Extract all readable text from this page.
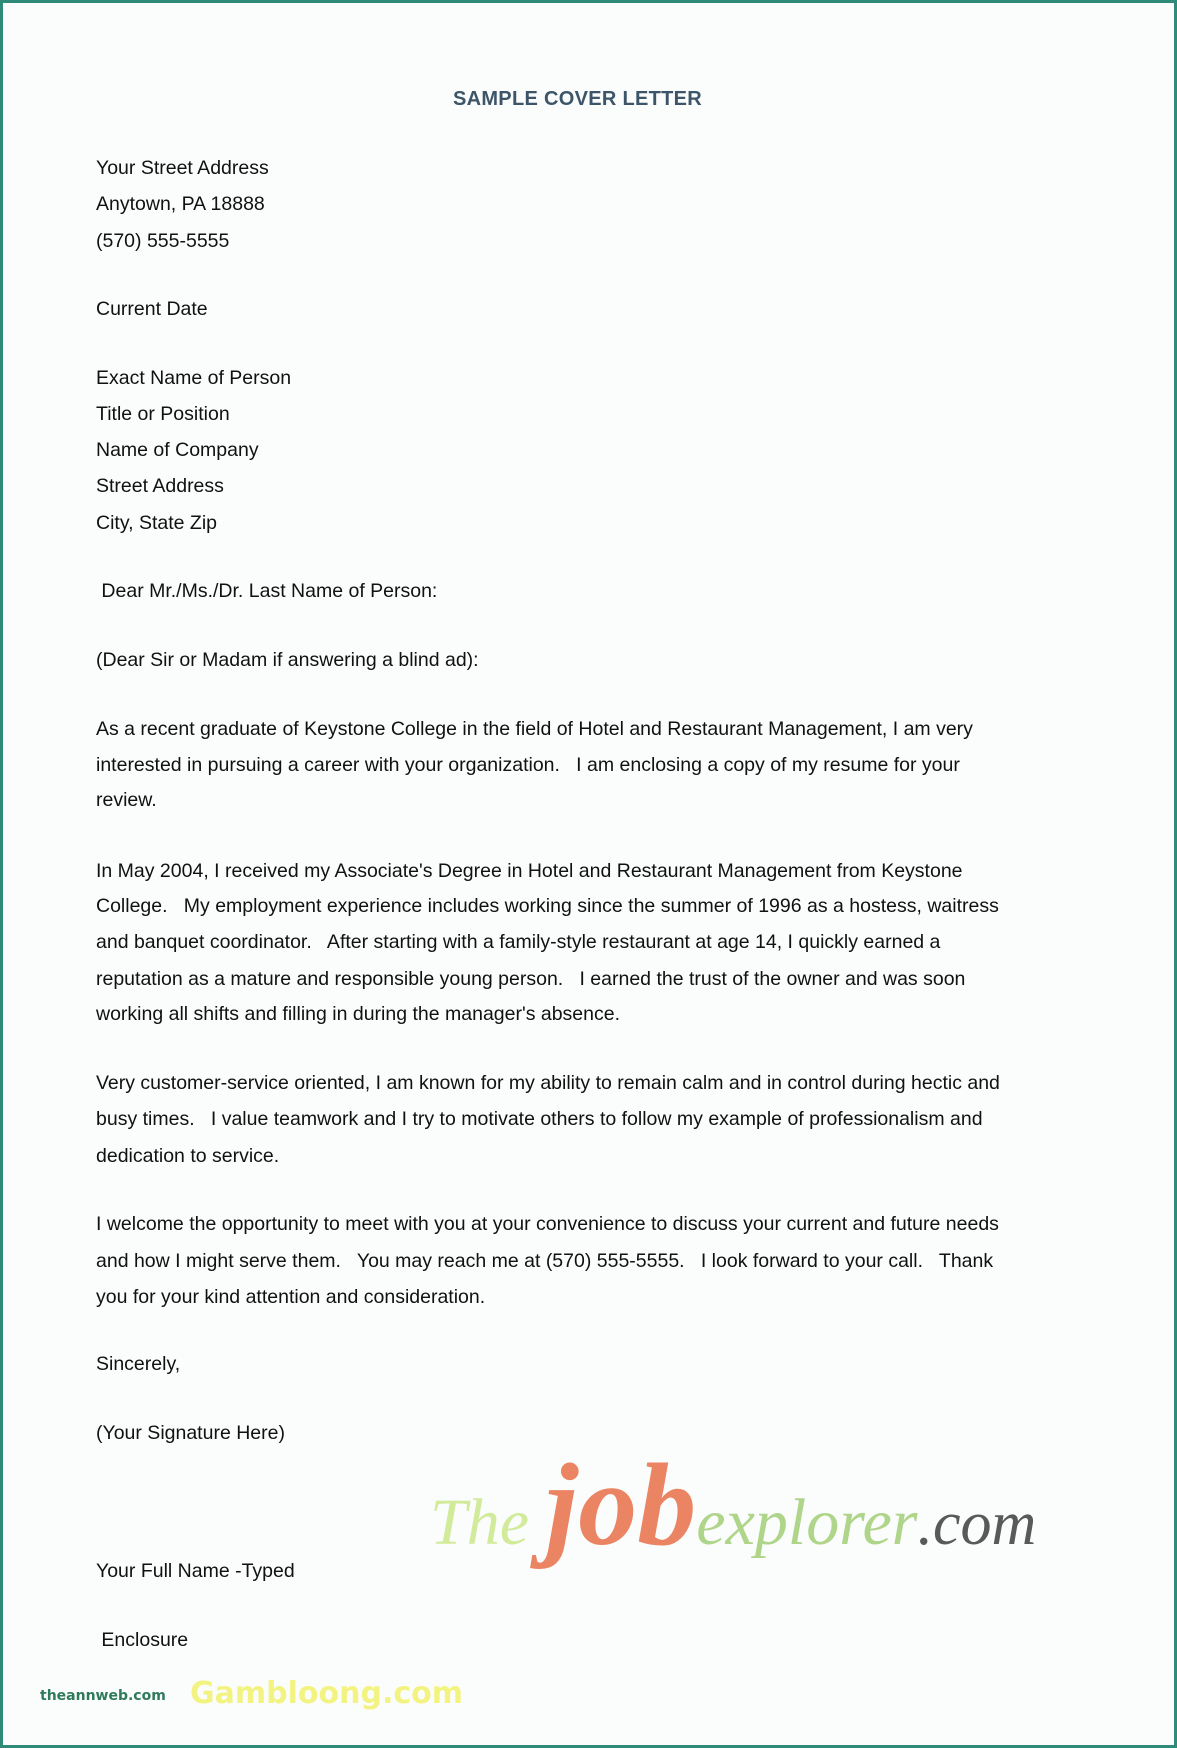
SAMPLE COVER LETTER
Your Street Address
Anytown, PA 18888
(570) 555-5555
Current Date
Exact Name of Person
Title or Position
Name of Company
Street Address
City, State Zip
Dear Mr./Ms./Dr. Last Name of Person:
(Dear Sir or Madam if answering a blind ad):
As a recent graduate of Keystone College in the field of Hotel and Restaurant Management, I am very
interested in pursuing a career with your organization.   I am enclosing a copy of my resume for your
review.
In May 2004, I received my Associate's Degree in Hotel and Restaurant Management from Keystone
College.   My employment experience includes working since the summer of 1996 as a hostess, waitress
and banquet coordinator.   After starting with a family-style restaurant at age 14, I quickly earned a
reputation as a mature and responsible young person.   I earned the trust of the owner and was soon
working all shifts and filling in during the manager's absence.
Very customer-service oriented, I am known for my ability to remain calm and in control during hectic and
busy times.   I value teamwork and I try to motivate others to follow my example of professionalism and
dedication to service.
I welcome the opportunity to meet with you at your convenience to discuss your current and future needs
and how I might serve them.   You may reach me at (570) 555-5555.   I look forward to your call.   Thank
you for your kind attention and consideration.
Sincerely,
(Your Signature Here)
Your Full Name -Typed
Enclosure
The jobexplorer.com
Gambloong.com
theannweb.com
